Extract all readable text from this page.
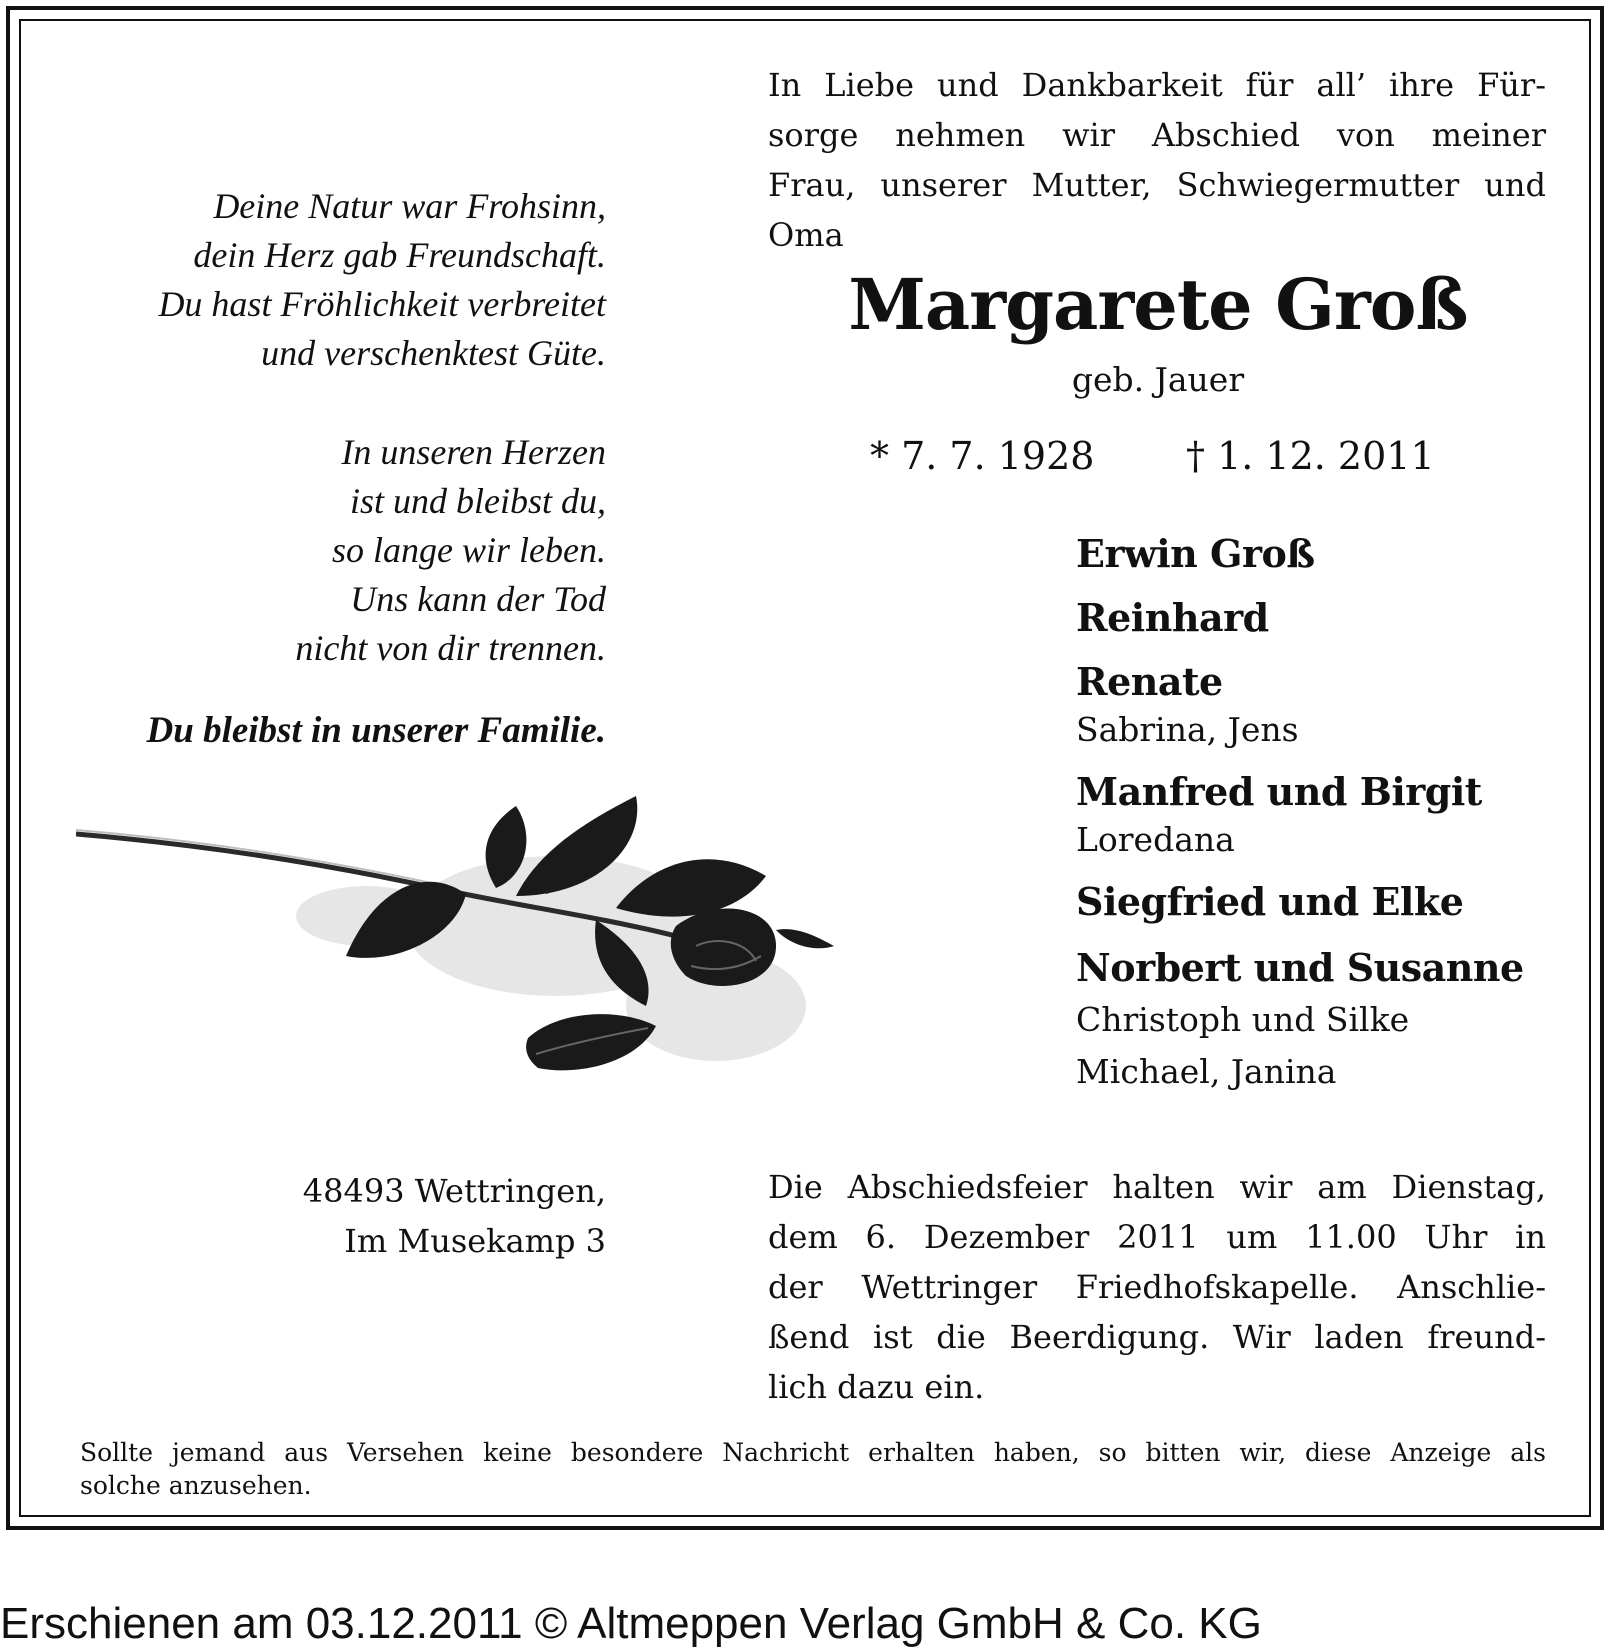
Deine Natur war Frohsinn,
dein Herz gab Freundschaft.
Du hast Fröhlichkeit verbreitet
und verschenktest Güte.
In unseren Herzen
ist und bleibst du,
so lange wir leben.
Uns kann der Tod
nicht von dir trennen.
Du bleibst in unserer Familie.
In Liebe und Dankbarkeit für all’ ihre Für-
sorge nehmen wir Abschied von meiner
Frau, unserer Mutter, Schwiegermutter und
Oma
Margarete Groß
geb. Jauer
* 7. 7. 1928 † 1. 12. 2011
Erwin Groß
Reinhard
Renate
Sabrina, Jens
Manfred und Birgit
Loredana
Siegfried und Elke
Norbert und Susanne
Christoph und Silke
Michael, Janina
48493 Wettringen,
Im Musekamp 3
Die Abschiedsfeier halten wir am Dienstag,
dem 6. Dezember 2011 um 11.00 Uhr in
der Wettringer Friedhofskapelle. Anschlie-
ßend ist die Beerdigung. Wir laden freund-
lich dazu ein.
Sollte jemand aus Versehen keine besondere Nachricht erhalten haben, so bitten wir, diese Anzeige als
solche anzusehen.
Erschienen am 03.12.2011 © Altmeppen Verlag GmbH & Co. KG
